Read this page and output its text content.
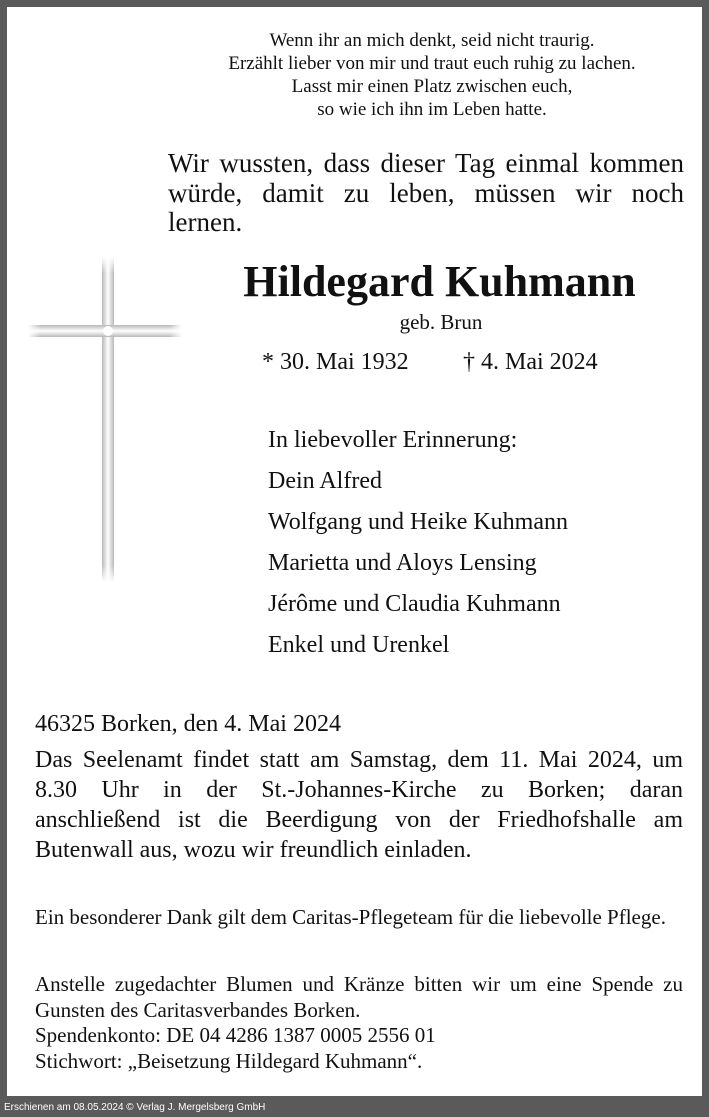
Wenn ihr an mich denkt, seid nicht traurig.
Erzählt lieber von mir und traut euch ruhig zu lachen.
Lasst mir einen Platz zwischen euch,
so wie ich ihn im Leben hatte.
Wir wussten, dass dieser Tag einmal kommen würde, damit zu leben, müssen wir noch lernen.
Hildegard Kuhmann
geb. Brun
* 30. Mai 1932 † 4. Mai 2024
In liebevoller Erinnerung:
Dein Alfred
Wolfgang und Heike Kuhmann
Marietta und Aloys Lensing
Jérôme und Claudia Kuhmann
Enkel und Urenkel
46325 Borken, den 4. Mai 2024
Das Seelenamt findet statt am Samstag, dem 11. Mai 2024, um 8.30 Uhr in der St.-Johannes-Kirche zu Borken; daran anschließend ist die Beerdigung von der Friedhofshalle am Butenwall aus, wozu wir freundlich einladen.
Ein besonderer Dank gilt dem Caritas-Pflegeteam für die liebevolle Pflege.
Anstelle zugedachter Blumen und Kränze bitten wir um eine Spende zu Gunsten des Caritasverbandes Borken.
Spendenkonto: DE 04 4286 1387 0005 2556 01
Stichwort: „Beisetzung Hildegard Kuhmann“.
Erschienen am 08.05.2024 © Verlag J. Mergelsberg GmbH
